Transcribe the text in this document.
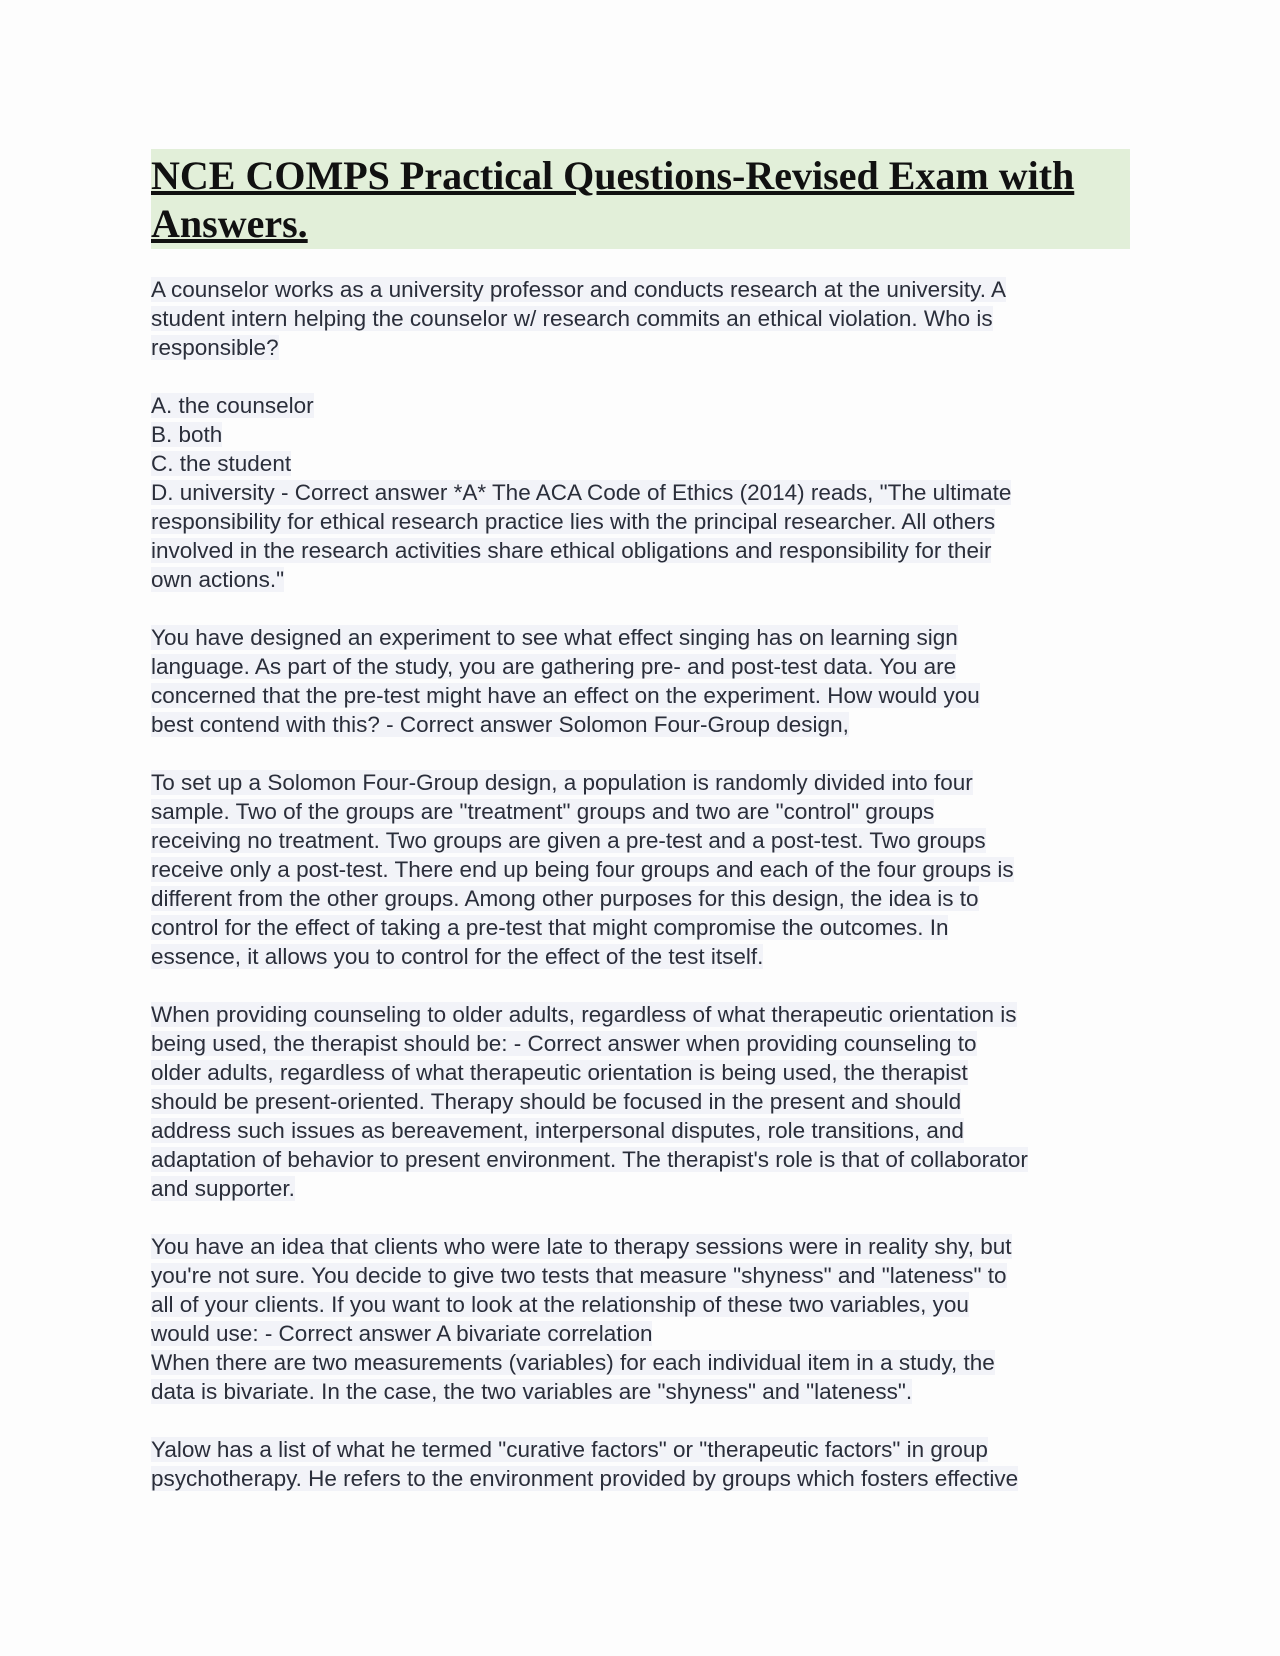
NCE COMPS Practical Questions-Revised Exam with Answers.

A counselor works as a university professor and conducts research at the university. A
student intern helping the counselor w/ research commits an ethical violation. Who is
responsible?

A. the counselor
B. both
C. the student
D. university - Correct answer *A* The ACA Code of Ethics (2014) reads, "The ultimate
responsibility for ethical research practice lies with the principal researcher. All others
involved in the research activities share ethical obligations and responsibility for their
own actions."

You have designed an experiment to see what effect singing has on learning sign
language. As part of the study, you are gathering pre- and post-test data. You are
concerned that the pre-test might have an effect on the experiment. How would you
best contend with this? - Correct answer Solomon Four-Group design,

To set up a Solomon Four-Group design, a population is randomly divided into four
sample. Two of the groups are "treatment" groups and two are "control" groups
receiving no treatment. Two groups are given a pre-test and a post-test. Two groups
receive only a post-test. There end up being four groups and each of the four groups is
different from the other groups. Among other purposes for this design, the idea is to
control for the effect of taking a pre-test that might compromise the outcomes. In
essence, it allows you to control for the effect of the test itself.

When providing counseling to older adults, regardless of what therapeutic orientation is
being used, the therapist should be: - Correct answer when providing counseling to
older adults, regardless of what therapeutic orientation is being used, the therapist
should be present-oriented. Therapy should be focused in the present and should
address such issues as bereavement, interpersonal disputes, role transitions, and
adaptation of behavior to present environment. The therapist's role is that of collaborator
and supporter.

You have an idea that clients who were late to therapy sessions were in reality shy, but
you're not sure. You decide to give two tests that measure "shyness" and "lateness" to
all of your clients. If you want to look at the relationship of these two variables, you
would use: - Correct answer A bivariate correlation
When there are two measurements (variables) for each individual item in a study, the
data is bivariate. In the case, the two variables are "shyness" and "lateness".

Yalow has a list of what he termed "curative factors" or "therapeutic factors" in group
psychotherapy. He refers to the environment provided by groups which fosters effective
